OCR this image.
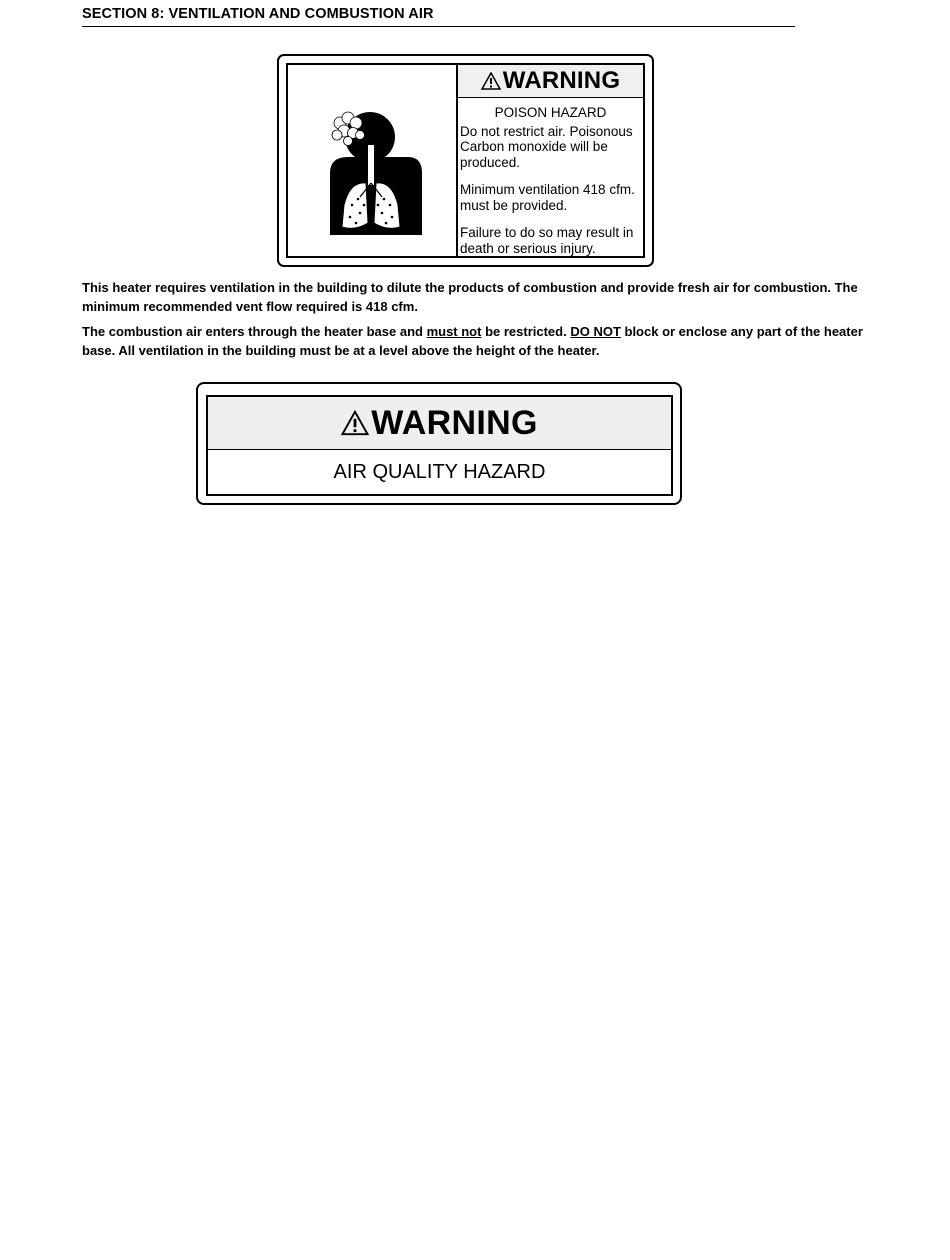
SECTION 8: VENTILATION AND COMBUSTION AIR
WARNING
POISON HAZARD

Do not restrict air. Poisonous Carbon monoxide will be produced.

Minimum ventilation 418 cfm. must be provided.

Failure to do so may result in death or serious injury.

This heater requires ventilation in the building to dilute the products of combustion and provide fresh air for combustion. The minimum recommended vent flow required is 418 cfm.
The combustion air enters through the heater base and must not be restricted. DO NOT block or enclose any part of the heater base. All ventilation in the building must be at a level above the height of the heater.
WARNING
AIR QUALITY HAZARD
